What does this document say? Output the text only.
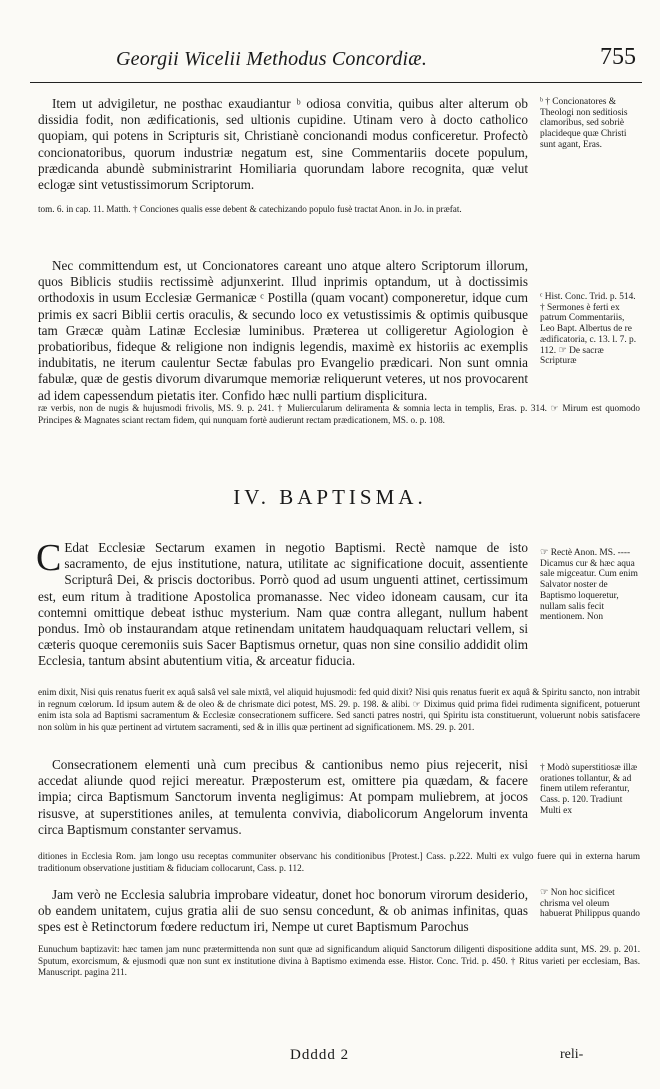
Georgii Wicelii Methodus Concordiæ.	755

Item ut advigiletur, ne posthac exaudiantur ᵇ odiosa convitia, quibus alter alterum ob dissidia fodit, non ædificationis, sed ultionis cupidine. Utinam vero à docto catholico quopiam, qui potens in Scripturis sit, Christianè concionandi modus conficeretur. Profectò concionatoribus, quorum industriæ negatum est, sine Commentariis docete populum, prædicanda abundè subministrarint Homiliaria quorundam labore recognita, quæ velut eclogæ sint vetustissimorum Scriptorum.

ᵇ † Concionatores & Theologi non seditiosis clamoribus, sed sobriè placideque quæ Christi sunt agant, Eras.
tom. 6. in cap. 11. Matth. † Conciones qualis esse debent & catechizando populo fusè tractat Anon. in Jo. in præfat.

Nec committendum est, ut Concionatores careant uno atque altero Scriptorum illorum, quos Biblicis studiis rectissimè adjunxerint. Illud inprimis optandum, ut à doctissimis orthodoxis in usum Ecclesiæ Germanicæ ᶜ Postilla (quam vocant) componeretur, idque cum primis ex sacri Biblii certis oraculis, & secundo loco ex vetustissimis & optimis quibusque tam Græcæ quàm Latinæ Ecclesiæ luminibus. Præterea ut colligeretur Agiologion è probatioribus, fideque & religione non indignis legendis, maximè ex historiis ac exemplis indubitatis, ne iterum caulentur Sectæ fabulas pro Evangelio prædicari. Non sunt omnia fabulæ, quæ de gestis divorum divarumque memoriæ reliquerunt veteres, ut nos provocarent ad idem capessendum pietatis iter. Confido hæc nulli partium displicitura.

ᶜ Hist. Conc. Trid. p. 514. † Sermones è ferti ex patrum Commentariis, Leo Bapt. Albertus de re ædificatoria, c. 13. l. 7. p. 112. ☞ De sacræ Scripturæ
ræ verbis, non de nugis & hujusmodi frivolis, MS. 9. p. 241. † Muliercularum deliramenta & somnia lecta in templis, Eras. p. 314. ☞ Mirum est quomodo Principes & Magnates sciant rectam fidem, qui nunquam fortè audierunt rectam prædicationem, MS. o. p. 108.
IV. BAPTISMA.
C Edat Ecclesiæ Sectarum examen in negotio Baptismi. Rectè namque de isto sacramento, de ejus institutione, natura, utilitate ac significatione docuit, assentiente Scripturâ Dei, & priscis doctoribus. Porrò quod ad usum unguenti attinet, certissimum est, eum ritum à traditione Apostolica promanasse. Nec video idoneam causam, cur ita contemni omittique debeat isthuc mysterium. Nam quæ contra allegant, nullum habent pondus. Imò ob instaurandam atque retinendam unitatem haudquaquam reluctari vellem, si cæteris quoque ceremoniis suis Sacer Baptismus ornetur, quas non sine consilio addidit olim Ecclesia, tantum absint abutentium vitia, & arceatur fiducia.
☞ Rectè Anon. MS. ---- Dicamus cur & hæc aqua sale migceatur. Cum enim Salvator noster de Baptismo loqueretur, nullam salis fecit mentionem. Non
enim dixit, Nisi quis renatus fuerit ex aquâ salsâ vel sale mixtâ, vel aliquid hujusmodi: fed quid dixit? Nisi quis renatus fuerit ex aquâ & Spiritu sancto, non intrabit in regnum cœlorum. Id ipsum autem & de oleo & de chrismate dici potest, MS. 29. p. 198. & alibi. ☞ Diximus quid prima fidei rudimenta significent, potuerunt enim ista sola ad Baptismi sacramentum & Ecclesiæ consecrationem sufficere. Sed sancti patres nostri, qui Spiritu ista constituerunt, voluerunt nobis satisfacere non solùm in his quæ pertinent ad virtutem sacramenti, sed & in illis quæ pertinent ad significationem. MS. 29. p. 201.

Consecrationem elementi unà cum precibus & cantionibus nemo pius rejecerit, nisi accedat aliunde quod rejici mereatur. Præposterum est, omittere pia quædam, & facere impia; circa Baptismum Sanctorum inventa negligimus: At pompam muliebrem, at jocos risusve, at superstitiones aniles, at temulenta convivia, diabolicorum Angelorum inventa circa Baptismum constanter servamus.

† Modò superstitiosæ illæ orationes tollantur, & ad finem utilem referantur, Cass. p. 120. Tradiunt Multi ex
ditiones in Ecclesia Rom. jam longo usu receptas communiter observanc his conditionibus [Protest.] Cass. p.222. Multi ex vulgo fuere qui in externa harum traditionum observatione justitiam & fiduciam collocarunt, Cass. p. 112.

Jam verò ne Ecclesia salubria improbare videatur, donet hoc bonorum virorum desiderio, ob eandem unitatem, cujus gratia alii de suo sensu concedunt, & ob animas infinitas, quas spes est è Retinctorum fœdere reductum iri, Nempe ut curet Baptismum Parochus

☞ Non hoc sicificet chrisma vel oleum habuerat Philippus quando
Eunuchum baptizavit: hæc tamen jam nunc prætermittenda non sunt quæ ad significandum aliquid Sanctorum diligenti dispositione addita sunt, MS. 29. p. 201. Sputum, exorcismum, & ejusmodi quæ non sunt ex institutione divina à Baptismo eximenda esse. Histor. Conc. Trid. p. 450. † Ritus varieti per ecclesiam, Bas. Manuscript. pagina 211.
Ddddd 2	reli-
